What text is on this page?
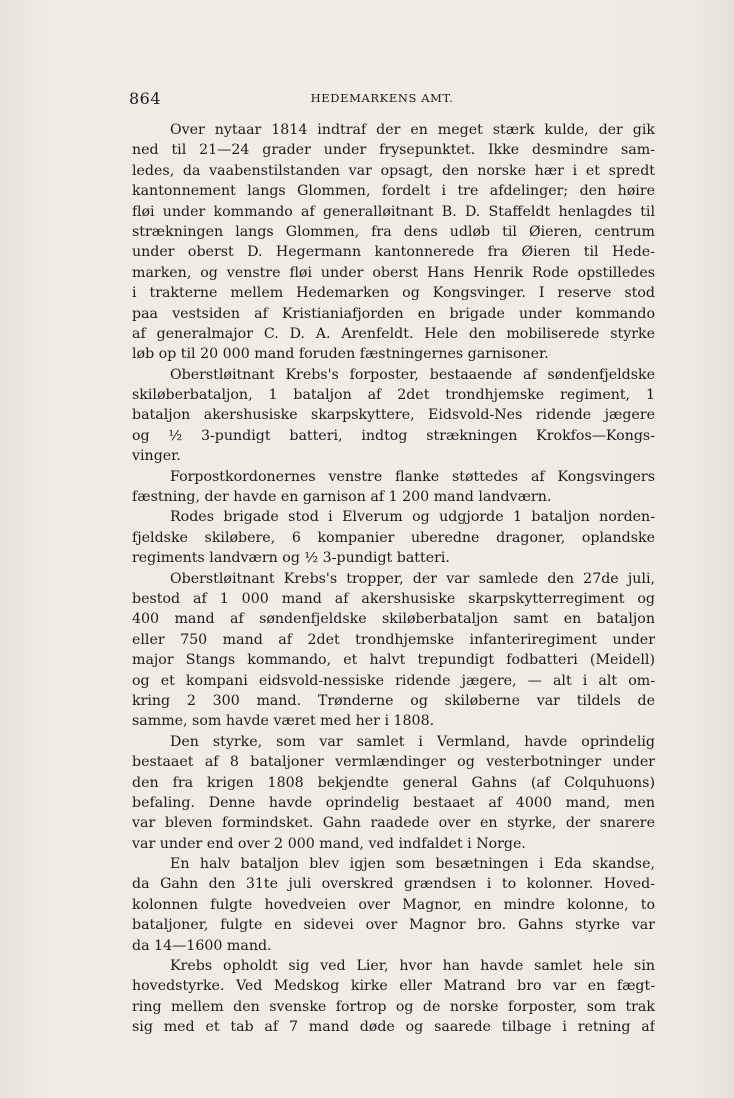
864	HEDEMARKENS AMT.
Over nytaar 1814 indtraf der en meget stærk kulde, der gik
ned til 21—24 grader under frysepunktet. Ikke desmindre sam-
ledes, da vaabenstilstanden var opsagt, den norske hær i et spredt
kantonnement langs Glommen, fordelt i tre afdelinger; den høire
fløi under kommando af generalløitnant B. D. Staffeldt henlagdes til
strækningen langs Glommen, fra dens udløb til Øieren, centrum
under oberst D. Hegermann kantonnerede fra Øieren til Hede-
marken, og venstre fløi under oberst Hans Henrik Rode opstilledes
i trakterne mellem Hedemarken og Kongsvinger. I reserve stod
paa vestsiden af Kristianiafjorden en brigade under kommando
af generalmajor C. D. A. Arenfeldt. Hele den mobiliserede styrke
løb op til 20 000 mand foruden fæstningernes garnisoner.
Oberstløitnant Krebs's forposter, bestaaende af søndenfjeldske
skiløberbataljon, 1 bataljon af 2det trondhjemske regiment, 1
bataljon akershusiske skarpskyttere, Eidsvold-Nes ridende jægere
og ½ 3-pundigt batteri, indtog strækningen Krokfos—Kongs-
vinger.
Forpostkordonernes venstre flanke støttedes af Kongsvingers
fæstning, der havde en garnison af 1 200 mand landværn.
Rodes brigade stod i Elverum og udgjorde 1 bataljon norden-
fjeldske skiløbere, 6 kompanier uberedne dragoner, oplandske
regiments landværn og ½ 3-pundigt batteri.
Oberstløitnant Krebs's tropper, der var samlede den 27de juli,
bestod af 1 000 mand af akershusiske skarpskytterregiment og
400 mand af søndenfjeldske skiløberbataljon samt en bataljon
eller 750 mand af 2det trondhjemske infanteriregiment under
major Stangs kommando, et halvt trepundigt fodbatteri (Meidell)
og et kompani eidsvold-nessiske ridende jægere, — alt i alt om-
kring 2 300 mand. Trønderne og skiløberne var tildels de
samme, som havde været med her i 1808.
Den styrke, som var samlet i Vermland, havde oprindelig
bestaaet af 8 bataljoner vermlændinger og vesterbotninger under
den fra krigen 1808 bekjendte general Gahns (af Colquhuons)
befaling. Denne havde oprindelig bestaaet af 4000 mand, men
var bleven formindsket. Gahn raadede over en styrke, der snarere
var under end over 2 000 mand, ved indfaldet i Norge.
En halv bataljon blev igjen som besætningen i Eda skandse,
da Gahn den 31te juli overskred grændsen i to kolonner. Hoved-
kolonnen fulgte hovedveien over Magnor, en mindre kolonne, to
bataljoner, fulgte en sidevei over Magnor bro. Gahns styrke var
da 14—1600 mand.
Krebs opholdt sig ved Lier, hvor han havde samlet hele sin
hovedstyrke. Ved Medskog kirke eller Matrand bro var en fægt-
ring mellem den svenske fortrop og de norske forposter, som trak
sig med et tab af 7 mand døde og saarede tilbage i retning af
